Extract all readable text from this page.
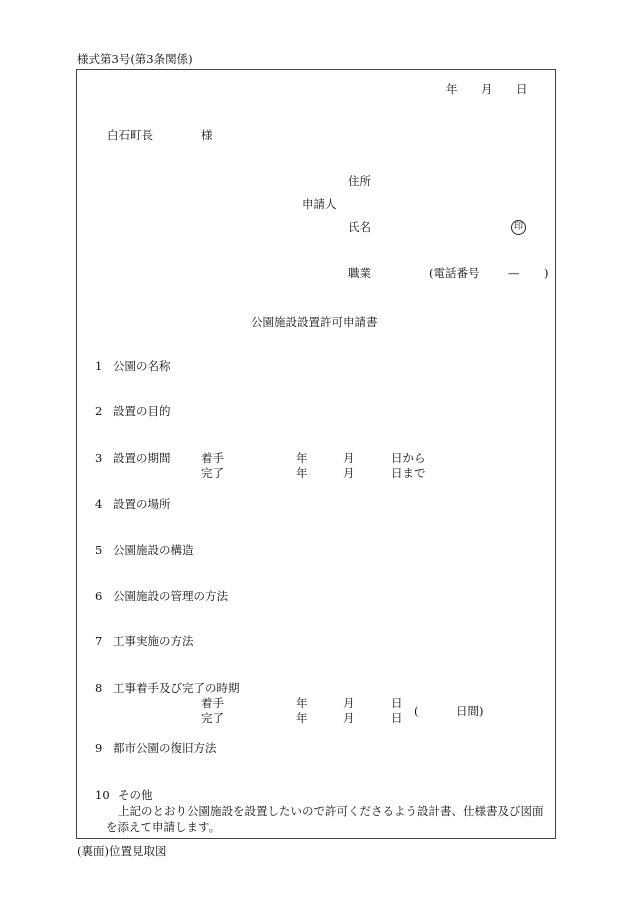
様式第3号(第3条関係)
年 月 日
白石町長	様
住所
申請人
氏名	印
職業	(電話番号 — )
公園施設設置許可申請書
1 公園の名称
2 設置の目的
3 設置の期間	着手	年	月	日から
完了	年	月	日まで
4 設置の場所
5 公園施設の構造
6 公園施設の管理の方法
7 工事実施の方法
8 工事着手及び完了の時期
着手	年	月	日
完了	年	月	日 (	日間)
9 都市公園の復旧方法
10 その他
上記のとおり公園施設を設置したいので許可くださるよう設計書、仕様書及び図面
を添えて申請します。
(裏面)位置見取図
